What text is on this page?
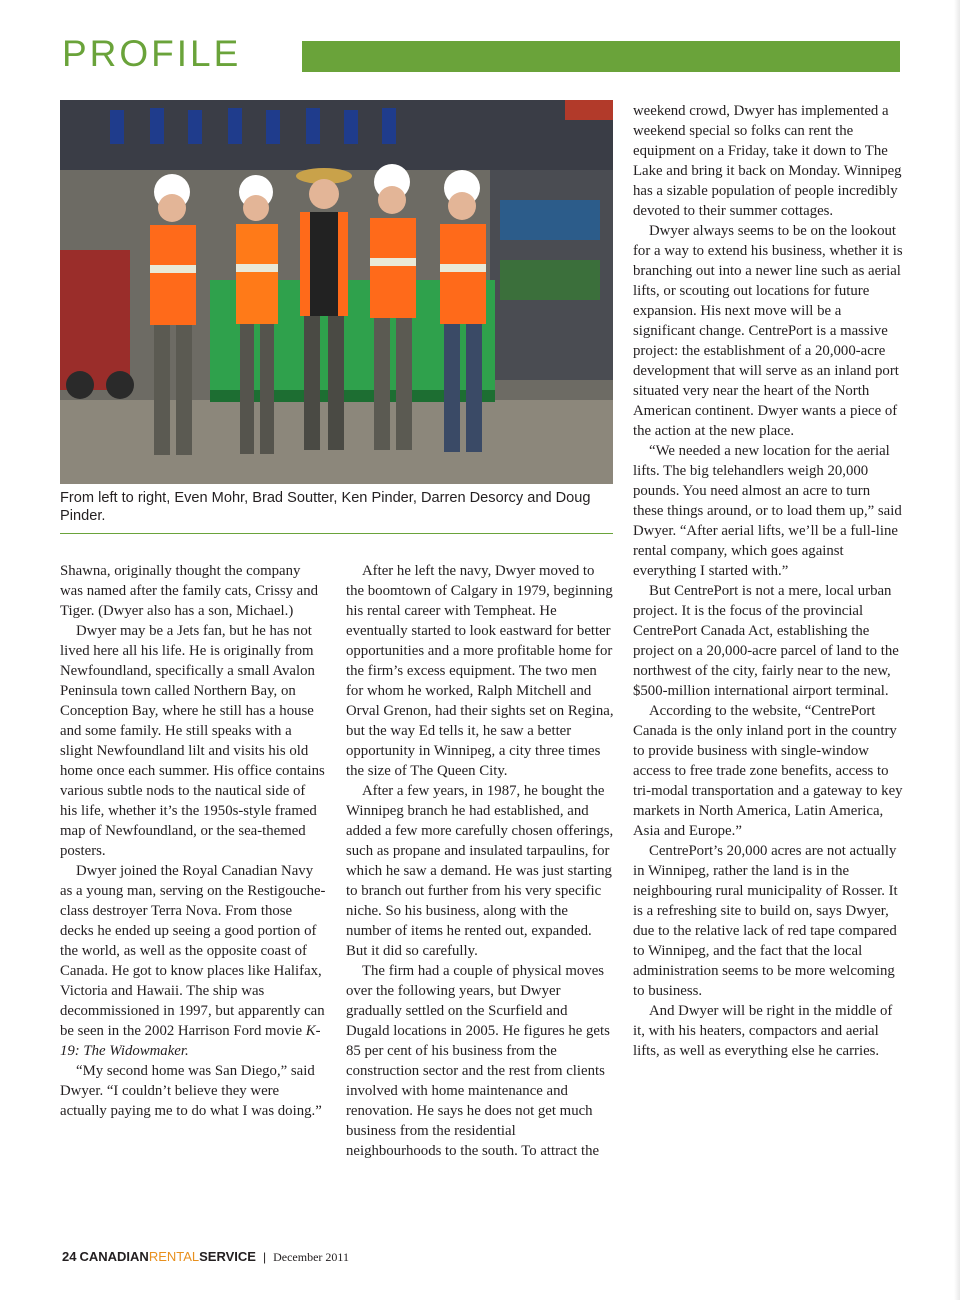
PROFILE
From left to right, Even Mohr, Brad Soutter, Ken Pinder, Darren Desorcy and Doug Pinder.

Shawna, originally thought the company was named after the family cats, Crissy and Tiger. (Dwyer also has a son, Michael.)

Dwyer may be a Jets fan, but he has not lived here all his life. He is originally from Newfoundland, specifically a small Avalon Peninsula town called Northern Bay, on Conception Bay, where he still has a house and some family. He still speaks with a slight Newfoundland lilt and visits his old home once each summer. His office contains various subtle nods to the nautical side of his life, whether it’s the 1950s-style framed map of Newfoundland, or the sea-themed posters.

Dwyer joined the Royal Canadian Navy as a young man, serving on the Restigouche-class destroyer Terra Nova. From those decks he ended up seeing a good portion of the world, as well as the opposite coast of Canada. He got to know places like Halifax, Victoria and Hawaii. The ship was decommissioned in 1997, but apparently can be seen in the 2002 Harrison Ford movie K-19: The Widowmaker.

“My second home was San Diego,” said Dwyer. “I couldn’t believe they were actually paying me to do what I was doing.”

After he left the navy, Dwyer moved to the boomtown of Calgary in 1979, beginning his rental career with Tempheat. He eventually started to look eastward for better opportunities and a more profitable home for the firm’s excess equipment. The two men for whom he worked, Ralph Mitchell and Orval Grenon, had their sights set on Regina, but the way Ed tells it, he saw a better opportunity in Winnipeg, a city three times the size of The Queen City.

After a few years, in 1987, he bought the Winnipeg branch he had established, and added a few more carefully chosen offerings, such as propane and insulated tarpaulins, for which he saw a demand. He was just starting to branch out further from his very specific niche. So his business, along with the number of items he rented out, expanded. But it did so carefully.

The firm had a couple of physical moves over the following years, but Dwyer gradually settled on the Scurfield and Dugald locations in 2005. He figures he gets 85 per cent of his business from the construction sector and the rest from clients involved with home maintenance and renovation. He says he does not get much business from the residential neighbourhoods to the south. To attract the

weekend crowd, Dwyer has implemented a weekend special so folks can rent the equipment on a Friday, take it down to The Lake and bring it back on Monday. Winnipeg has a sizable population of people incredibly devoted to their summer cottages.

Dwyer always seems to be on the lookout for a way to extend his business, whether it is branching out into a newer line such as aerial lifts, or scouting out locations for future expansion. His next move will be a significant change. CentrePort is a massive project: the establishment of a 20,000-acre development that will serve as an inland port situated very near the heart of the North American continent. Dwyer wants a piece of the action at the new place.

“We needed a new location for the aerial lifts. The big telehandlers weigh 20,000 pounds. You need almost an acre to turn these things around, or to load them up,” said Dwyer. “After aerial lifts, we’ll be a full-line rental company, which goes against everything I started with.”

But CentrePort is not a mere, local urban project. It is the focus of the provincial CentrePort Canada Act, establishing the project on a 20,000-acre parcel of land to the northwest of the city, fairly near to the new, $500-million international airport terminal.

According to the website, “CentrePort Canada is the only inland port in the country to provide business with single-window access to free trade zone benefits, access to tri-modal transportation and a gateway to key markets in North America, Latin America, Asia and Europe.”

CentrePort’s 20,000 acres are not actually in Winnipeg, rather the land is in the neighbouring rural municipality of Rosser. It is a refreshing site to build on, says Dwyer, due to the relative lack of red tape compared to Winnipeg, and the fact that the local administration seems to be more welcoming to business.

And Dwyer will be right in the middle of it, with his heaters, compactors and aerial lifts, as well as everything else he carries.

24 CANADIANRENTALSERVICE | December 2011
